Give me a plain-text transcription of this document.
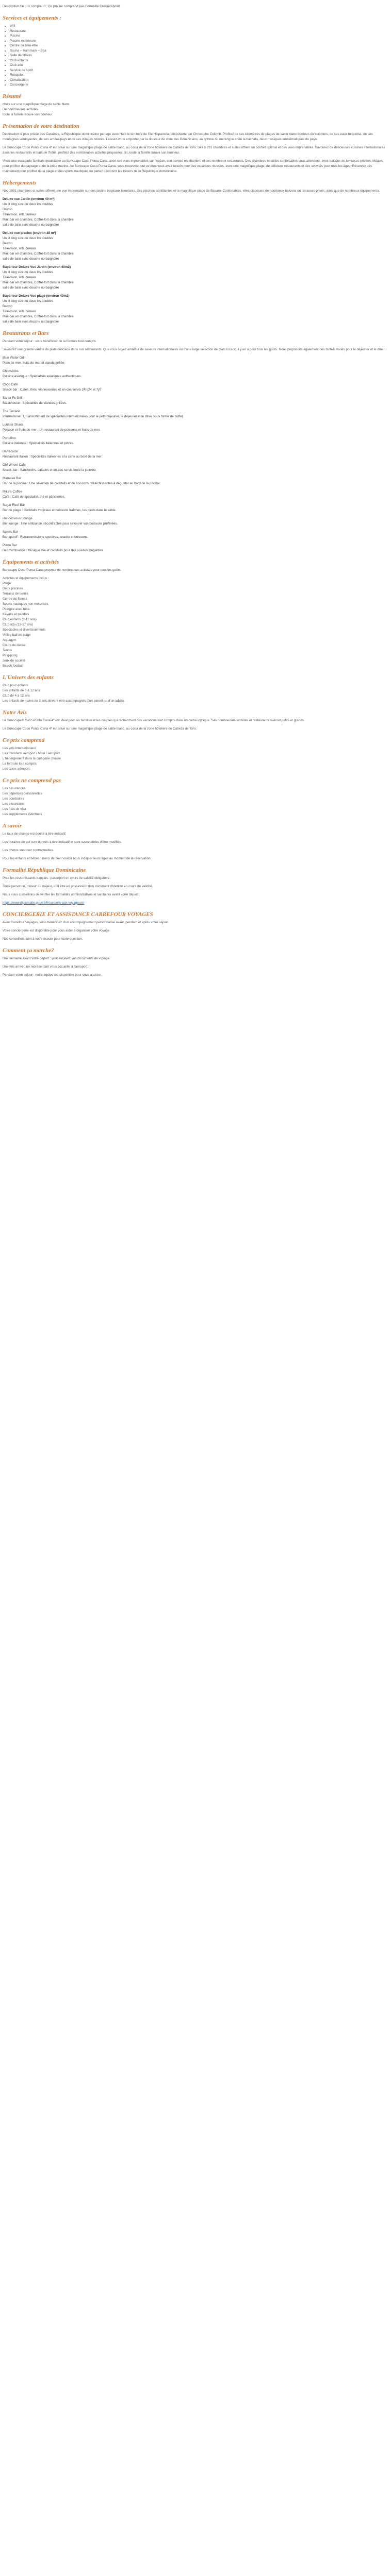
Description Ce prix comprend : Ce prix ne comprend pas Formalité Croisièrepoint
Services et équipements :
• Wifi
• Restaurant
• Piscine
• Piscine extérieure
• Centre de bien-être
• Sauna – Hammam – Spa
• Salle de fitness
• Club enfants
• Club ado
• Service de sport
• Réception
• Climatisation
• Conciergerie
Résumé

choix sur une magnifique plage de sable blanc.
De nombreuses activités
toute la famille trouve son bonheur.

Présentation de votre destination

Destination la plus prisée des Caraïbes, la République dominicaine partage avec Haïti le territoire de l'île Hispaniola, découverte par Christophe Colomb. Profitez de ses kilomètres de plages de sable blanc bordées de cocotiers, de ses eaux turquoise, de ses montagnes verdoyantes, de son arrière-pays et de ses villages colorés. Laissez-vous emporter par la douceur de vivre des Dominicains, au rythme du merengue et de la bachata, deux musiques emblématiques du pays.

Le Sunscape Coco Punta Cana 4* est situé sur une magnifique plage de sable blanc, au cœur de la zone hôtelière de Cabeza de Toro. Ses 5 291 chambres et suites offrent un confort optimal et des vues imprenables. Savourez de délicieuses cuisines internationales dans les restaurants et bars de l'hôtel, profitez des nombreuses activités proposées. Ici, toute la famille trouve son bonheur.

Vivez une escapade familiale inoubliable au Sunscape Coco Punta Cana, avec ses vues imprenables sur l'océan, son service en chambre et ses nombreux restaurants. Des chambres et suites confortables vous attendent, avec balcons ou terrasses privées, idéales pour profiter du paysage et de la brise marine. Au Sunscape Coco Punta Cana, vous trouverez tout ce dont vous avez besoin pour des vacances réussies, avec une magnifique plage, de délicieux restaurants et des activités pour tous les âges. Réservez dès maintenant pour profiter de la plage et des sports nautiques ou partez découvrir les trésors de la République dominicaine.

Hébergements

Nos 1091 chambres et suites offrent une vue imprenable sur des jardins tropicaux luxuriants, des piscines scintillantes et la magnifique plage de Bavaro. Confortables, elles disposent de nombreux balcons ou terrasses privés, ainsi que de nombreux équipements.

Deluxe vue Jardin (environ 40 m²)
Un lit king size ou deux lits doubles
Balcon
Télévision, wifi, bureau
Mini-bar en chambre, Coffre-fort dans la chambre
salle de bain avec douche ou baignoire
Deluxe vue piscine (environ 28 m²)
Un lit king size ou deux lits doubles
Balcon
Télévision, wifi, bureau
Mini-bar en chambre, Coffre-fort dans la chambre
salle de bain avec douche ou baignoire
Supérieur Deluxe Vue Jardin (environ 40m2)
Un lit king size ou deux lits doubles
Télévision, wifi, bureau
Mini-bar en chambre, Coffre-fort dans la chambre
salle de bain avec douche ou baignoire
Supérieur Deluxe Vue plage (environ 40m2)
Un lit king size ou deux lits doubles
Balcon
Télévision, wifi, bureau
Mini-bar en chambre, Coffre-fort dans la chambre
salle de bain avec douche ou baignoire
Restaurants et Bars

Pendant votre séjour : vous bénéficiez de la formule tout compris

Savourez une grande variété de plats délicieux dans nos restaurants. Que vous soyez amateur de saveurs internationales ou d'une large sélection de plats locaux, il y en a pour tous les goûts. Nous proposons également des buffets variés pour le déjeuner et le dîner.

Blue Water Grill
Plats de mer, fruits de mer et viande grillée.
Chopsticks
Cuisine asiatique : Spécialités asiatiques authentiques.
Coco Café
Snack-bar : Cafés, thés, viennoiseries et en-cas servis 24h/24 et 7j/7
Santa Fe Grill
Steakhouse : Spécialités de viandes grillées.
The Terrace
International : Un assortiment de spécialités internationales pour le petit-déjeuner, le déjeuner et le dîner sous forme de buffet.
Lobster Shack
Poisson et fruits de mer : Un restaurant de poissons et fruits de mer.
Portofino
Cuisine italienne : Spécialités italiennes et pizzas.
Barracuda
Restaurant italien : Spécialités italiennes à la carte au bord de la mer.
Oh! Wheel Cafe
Snack-bar : Sandwichs, salades et en-cas servis toute la journée.
Manatee Bar
Bar de la piscine : Une sélection de cocktails et de boissons rafraîchissantes à déguster au bord de la piscine.
Mike's Coffee
Café : Café de spécialité, thé et pâtisseries.
Sugar Reef Bar
Bar de plage : Cocktails tropicaux et boissons fraîches, les pieds dans le sable.
Rendezvous Lounge
Bar lounge : Une ambiance décontractée pour savourer vos boissons préférées.
Sports Bar
Bar sportif : Retransmissions sportives, snacks et boissons.
Piano Bar
Bar d'ambiance : Musique live et cocktails pour des soirées élégantes.
Équipements et activités

Sunscape Coco Punta Cana propose de nombreuses activités pour tous les goûts.

Activités et équipements inclus :
Plage
Deux piscines
Terrains de tennis
Centre de fitness
Sports nautiques non motorisés
Plongée avec tuba
Kayaks et paddles
Club enfants (3-12 ans)
Club ado (13-17 ans)
Spectacles et divertissements
Volley-ball de plage
Aquagym
Cours de danse
Tennis
Ping-pong
Jeux de société
Beach football

L'Univers des enfants

Club pour enfants
Les enfants de 3 à 12 ans
Club de 4 à 12 ans
Les enfants de moins de 3 ans doivent être accompagnés d'un parent ou d'un adulte.

Notre Avis

Le Sunscape® Coco Punta Cana 4* est idéal pour les familles et les couples qui recherchent des vacances tout compris dans un cadre idyllique. Ses nombreuses activités et restaurants raviront petits et grands.

Le Sunscape Coco Punta Cana 4* est situé sur une magnifique plage de sable blanc, au cœur de la zone hôtelière de Cabeza de Toro.

Ce prix comprend

Les vols internationaux
Les transferts aéroport / hôtel / aéroport
L'hébergement dans la catégorie choisie
La formule tout compris
Les taxes aéroport

Ce prix ne comprend pas

Les assurances
Les dépenses personnelles
Les pourboires
Les excursions
Les frais de visa
Les suppléments éventuels

A savoir

Le taux de change est donné à titre indicatif.

Les horaires de vol sont donnés à titre indicatif et sont susceptibles d'être modifiés.

Les photos sont non contractuelles.

Pour les enfants et bébés : merci de bien vouloir nous indiquer leurs âges au moment de la réservation.

Formalité République Dominicaine

Pour les ressortissants français : passeport en cours de validité obligatoire.

Toute personne, mineur ou majeur, doit être en possession d'un document d'identité en cours de validité.

Nous vous conseillons de vérifier les formalités administratives et sanitaires avant votre départ.

https://www.diplomatie.gouv.fr/fr/conseils-aux-voyageurs/

CONCIERGERIE ET ASSISTANCE CARREFOUR VOYAGES

Avec Carrefour Voyages, vous bénéficiez d'un accompagnement personnalisé avant, pendant et après votre séjour.

Votre conciergerie est disponible pour vous aider à organiser votre voyage.

Nos conseillers sont à votre écoute pour toute question.

Comment ça marche?

Une semaine avant votre départ : vous recevez vos documents de voyage.

Une fois arrivé : un représentant vous accueille à l'aéroport.

Pendant votre séjour : notre équipe est disponible pour vous assister.
